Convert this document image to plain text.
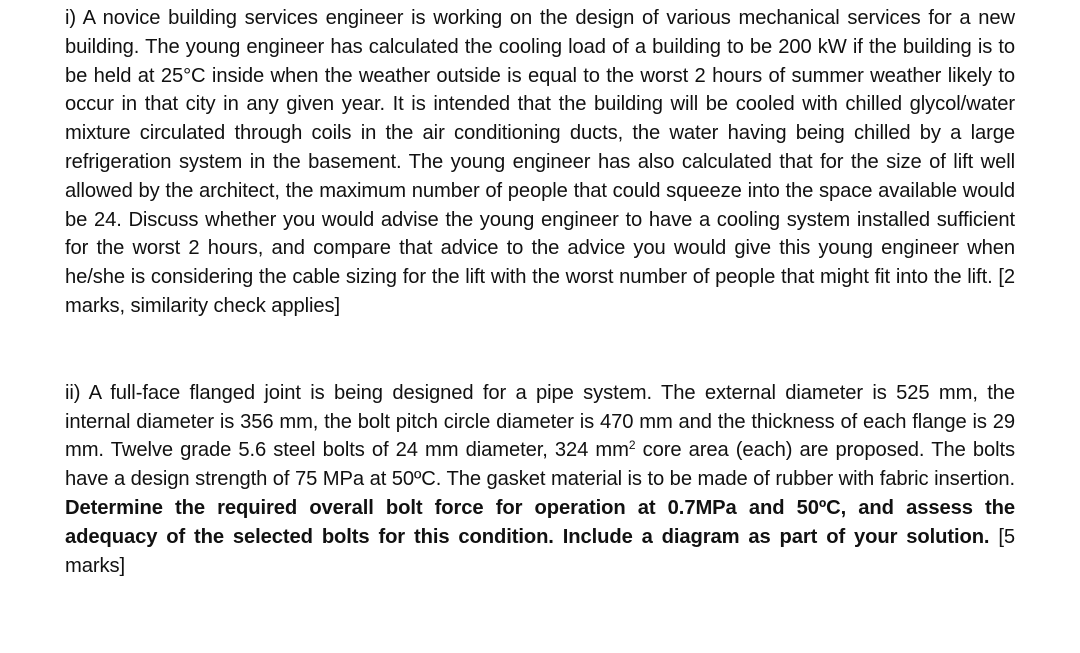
i) A novice building services engineer is working on the design of various mechanical services for a new building. The young engineer has calculated the cooling load of a building to be 200 kW if the building is to be held at 25°C inside when the weather outside is equal to the worst 2 hours of summer weather likely to occur in that city in any given year. It is intended that the building will be cooled with chilled glycol/water mixture circulated through coils in the air conditioning ducts, the water having being chilled by a large refrigeration system in the basement. The young engineer has also calculated that for the size of lift well allowed by the architect, the maximum number of people that could squeeze into the space available would be 24. Discuss whether you would advise the young engineer to have a cooling system installed sufficient for the worst 2 hours, and compare that advice to the advice you would give this young engineer when he/she is considering the cable sizing for the lift with the worst number of people that might fit into the lift. [2 marks, similarity check applies]

ii) A full-face flanged joint is being designed for a pipe system. The external diameter is 525 mm, the internal diameter is 356 mm, the bolt pitch circle diameter is 470 mm and the thickness of each flange is 29 mm. Twelve grade 5.6 steel bolts of 24 mm diameter, 324 $mm^2$ core area (each) are proposed. The bolts have a design strength of 75 MPa at 50ºC. The gasket material is to be made of rubber with fabric insertion. Determine the required overall bolt force for operation at 0.7MPa and 50ºC, and assess the adequacy of the selected bolts for this condition. Include a diagram as part of your solution. [5 marks]
